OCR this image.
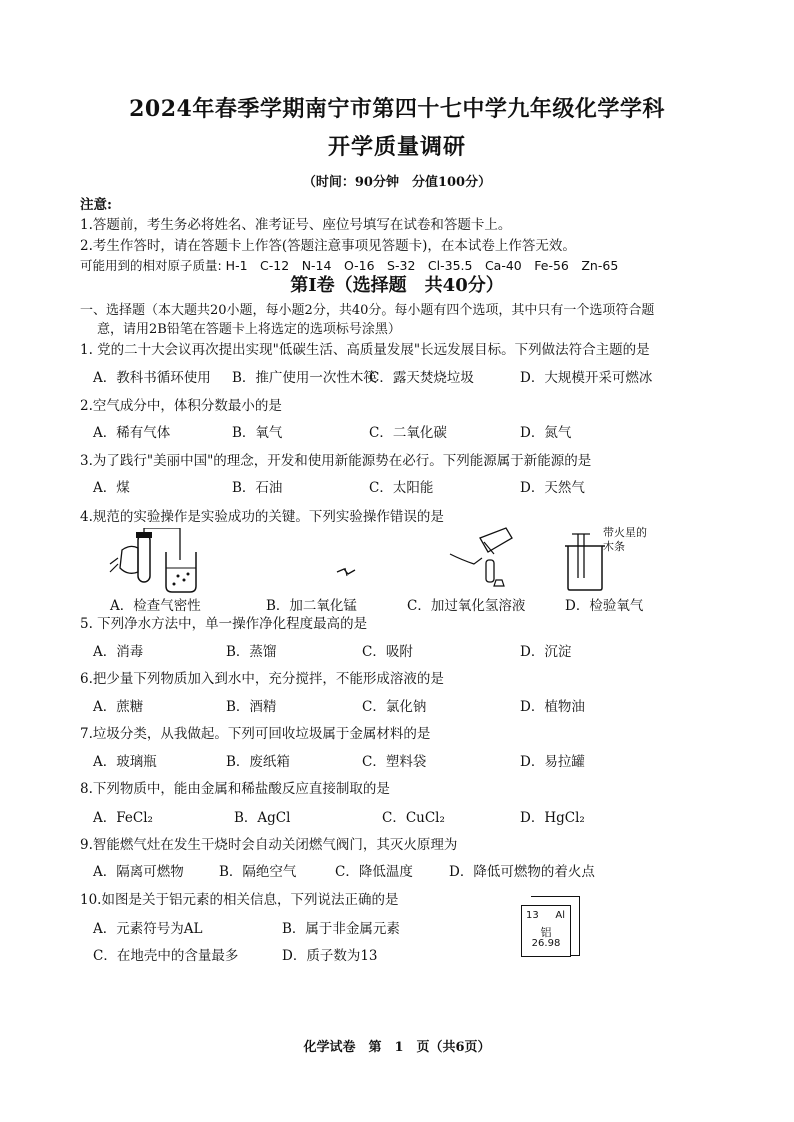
2024年春季学期南宁市第四十七中学九年级化学学科
开学质量调研
（时间：90分钟　分值100分）
注意:
1.答题前，考生务必将姓名、准考证号、座位号填写在试卷和答题卡上。
2.考生作答时，请在答题卡上作答(答题注意事项见答题卡)，在本试卷上作答无效。
可能用到的相对原子质量: H-1　C-12　N-14　O-16　S-32　Cl-35.5　Ca-40　Fe-56　Zn-65
第I卷（选择题　共40分）
一、选择题（本大题共20小题，每小题2分，共40分。每小题有四个选项，其中只有一个选项符合题
意，请用2B铅笔在答题卡上将选定的选项标号涂黑）
1. 党的二十大会议再次提出实现"低碳生活、高质量发展"长远发展目标。下列做法符合主题的是
A．教科书循环使用 B．推广使用一次性木筷
C．露天焚烧垃圾	D．大规模开采可燃冰
2.空气成分中，体积分数最小的是
A．稀有气体	B．氧气	C．二氧化碳	D．氮气
3.为了践行"美丽中国"的理念，开发和使用新能源势在必行。下列能源属于新能源的是
A．煤	B．石油	C．太阳能	D．天然气
4.规范的实验操作是实验成功的关键。下列实验操作错误的是
带火星的木条
A．检查气密性	B．加二氧化锰	C．加过氧化氢溶液	D．检验氧气
5. 下列净水方法中，单一操作净化程度最高的是
A．消毒	B．蒸馏	C．吸附	D．沉淀
6.把少量下列物质加入到水中，充分搅拌，不能形成溶液的是
A．蔗糖	B．酒精	C．氯化钠	D．植物油
7.垃圾分类，从我做起。下列可回收垃圾属于金属材料的是
A．玻璃瓶	B．废纸箱	C．塑料袋	D．易拉罐
8.下列物质中，能由金属和稀盐酸反应直接制取的是
A．FeCl₂	B．AgCl	C．CuCl₂	D．HgCl₂
9.智能燃气灶在发生干烧时会自动关闭燃气阀门，其灭火原理为
A．隔离可燃物	B．隔绝空气	C．降低温度	D．降低可燃物的着火点
10.如图是关于铝元素的相关信息，下列说法正确的是
A．元素符号为AL	B．属于非金属元素
C．在地壳中的含量最多	D．质子数为13
13 Al
铝
26.98
化学试卷　第　1　页（共6页）
